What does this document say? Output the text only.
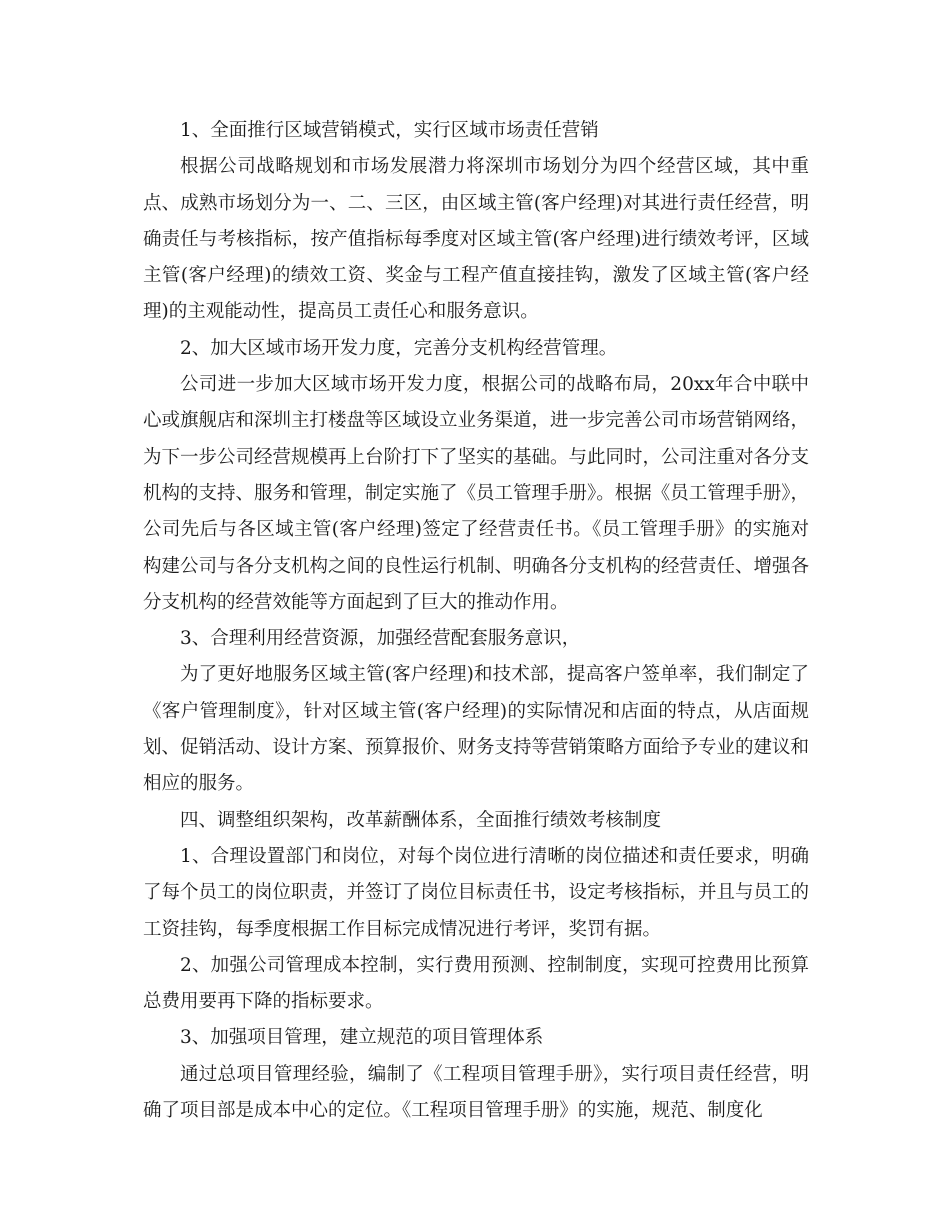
1、全面推行区域营销模式，实行区域市场责任营销

根据公司战略规划和市场发展潜力将深圳市场划分为四个经营区域，其中重点、成熟市场划分为一、二、三区，由区域主管(客户经理)对其进行责任经营，明确责任与考核指标，按产值指标每季度对区域主管(客户经理)进行绩效考评，区域主管(客户经理)的绩效工资、奖金与工程产值直接挂钩，激发了区域主管(客户经理)的主观能动性，提高员工责任心和服务意识。

2、加大区域市场开发力度，完善分支机构经营管理。

公司进一步加大区域市场开发力度，根据公司的战略布局，20xx年合中联中心或旗舰店和深圳主打楼盘等区域设立业务渠道，进一步完善公司市场营销网络，为下一步公司经营规模再上台阶打下了坚实的基础。与此同时，公司注重对各分支机构的支持、服务和管理，制定实施了《员工管理手册》。根据《员工管理手册》，公司先后与各区域主管(客户经理)签定了经营责任书。《员工管理手册》的实施对构建公司与各分支机构之间的良性运行机制、明确各分支机构的经营责任、增强各分支机构的经营效能等方面起到了巨大的推动作用。

3、合理利用经营资源，加强经营配套服务意识，

为了更好地服务区域主管(客户经理)和技术部，提高客户签单率，我们制定了《客户管理制度》，针对区域主管(客户经理)的实际情况和店面的特点，从店面规划、促销活动、设计方案、预算报价、财务支持等营销策略方面给予专业的建议和相应的服务。

四、调整组织架构，改革薪酬体系，全面推行绩效考核制度

1、合理设置部门和岗位，对每个岗位进行清晰的岗位描述和责任要求，明确了每个员工的岗位职责，并签订了岗位目标责任书，设定考核指标，并且与员工的工资挂钩，每季度根据工作目标完成情况进行考评，奖罚有据。

2、加强公司管理成本控制，实行费用预测、控制制度，实现可控费用比预算总费用要再下降的指标要求。

3、加强项目管理，建立规范的项目管理体系

通过总项目管理经验，编制了《工程项目管理手册》，实行项目责任经营，明确了项目部是成本中心的定位。《工程项目管理手册》的实施，规范、制度化
